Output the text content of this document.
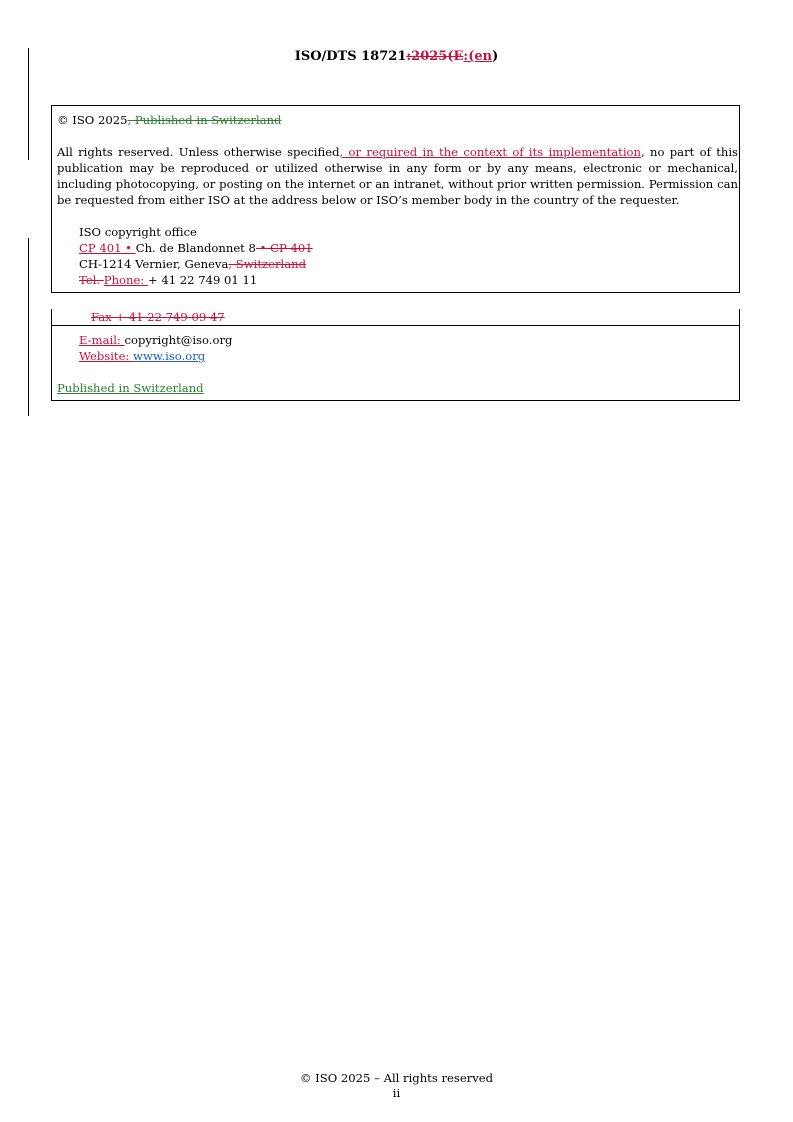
ISO/DTS 18721:2025(E:(en)

© ISO 2025, Published in Switzerland

All rights reserved. Unless otherwise specified, or required in the context of its implementation, no part of this publication may be reproduced or utilized otherwise in any form or by any means, electronic or mechanical, including photocopying, or posting on the internet or an intranet, without prior written permission. Permission can be requested from either ISO at the address below or ISO’s member body in the country of the requester.

ISO copyright office

CP 401 • Ch. de Blandonnet 8 • CP 401

CH-1214 Vernier, Geneva, Switzerland

Tel. Phone: + 41 22 749 01 11

Fax + 41 22 749 09 47

E-mail: copyright@iso.org

Website: www.iso.org

Published in Switzerland

© ISO 2025 – All rights reserved
ii
